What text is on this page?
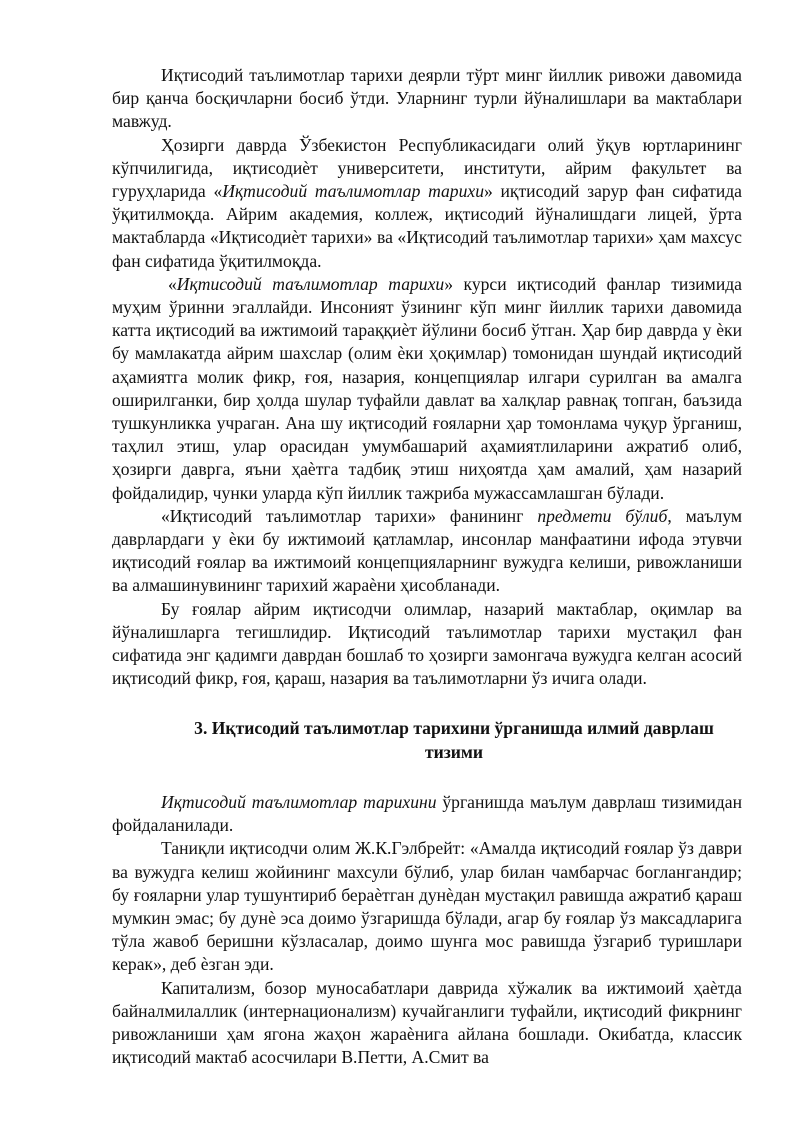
Иқтисодий таълимотлар тарихи деярли тўрт минг йиллик ривожи давомида бир қанча босқичларни босиб ўтди. Уларнинг турли йўналишлари ва мактаблари мавжуд.

Ҳозирги даврда Ўзбекистон Республикасидаги олий ўқув юртларининг кўпчилигида, иқтисодиѐт университети, институти, айрим факультет ва гуруҳларида «Иқтисодий таълимотлар тарихи» иқтисодий зарур фан сифатида ўқитилмоқда. Айрим академия, коллеж, иқтисодий йўналишдаги лицей, ўрта мактабларда «Иқтисодиѐт тарихи» ва «Иқтисодий таълимотлар тарихи» ҳам махсус фан сифатида ўқитилмоқда.

«Иқтисодий таълимотлар тарихи» курси иқтисодий фанлар тизимида муҳим ўринни эгаллайди. Инсоният ўзининг кўп минг йиллик тарихи давомида катта иқтисодий ва ижтимоий тараққиѐт йўлини босиб ўтган. Ҳар бир даврда у ѐки бу мамлакатда айрим шахслар (олим ѐки ҳоқимлар) томонидан шундай иқтисодий аҳамиятга молик фикр, ғоя, назария, концепциялар илгари сурилган ва амалга оширилганки, бир ҳолда шулар туфайли давлат ва халқлар равнақ топган, баъзида тушкунликка учраган. Ана шу иқтисодий ғояларни ҳар томонлама чуқур ўрганиш, таҳлил этиш, улар орасидан умумбашарий аҳамиятлиларини ажратиб олиб, ҳозирги даврга, яъни ҳаѐтга тадбиқ этиш ниҳоятда ҳам амалий, ҳам назарий фойдалидир, чунки уларда кўп йиллик тажриба мужассамлашган бўлади.

«Иқтисодий таълимотлар тарихи» фанининг предмети бўлиб, маълум даврлардаги у ѐки бу ижтимоий қатламлар, инсонлар манфаатини ифода этувчи иқтисодий ғоялар ва ижтимоий концепцияларнинг вужудга келиши, ривожланиши ва алмашинувининг тарихий жараѐни ҳисобланади.

Бу ғоялар айрим иқтисодчи олимлар, назарий мактаблар, оқимлар ва йўналишларга тегишлидир. Иқтисодий таълимотлар тарихи мустақил фан сифатида энг қадимги даврдан бошлаб то ҳозирги замонгача вужудга келган асосий иқтисодий фикр, ғоя, қараш, назария ва таълимотларни ўз ичига олади.

3. Иқтисодий таълимотлар тарихини ўрганишда илмий даврлаш
тизими

Иқтисодий таълимотлар тарихини ўрганишда маълум даврлаш тизимидан фойдаланилади.

Таниқли иқтисодчи олим Ж.К.Гэлбрейт: «Амалда иқтисодий ғоялар ўз даври ва вужудга келиш жойининг махсули бўлиб, улар билан чамбарчас боглангандир; бу ғояларни улар тушунтириб бераѐтган дунѐдан мустақил равишда ажратиб қараш мумкин эмас; бу дунѐ эса доимо ўзгаришда бўлади, агар бу ғоялар ўз максадларига тўла жавоб беришни кўзласалар, доимо шунга мос равишда ўзгариб туришлари керак», деб ѐзган эди.

Капитализм, бозор муносабатлари даврида хўжалик ва ижтимоий ҳаѐтда байналмилаллик (интернационализм) кучайганлиги туфайли, иқтисодий фикрнинг ривожланиши ҳам ягона жаҳон жараѐнига айлана бошлади. Окибатда, классик иқтисодий мактаб асосчилари В.Петти, А.Смит ва
